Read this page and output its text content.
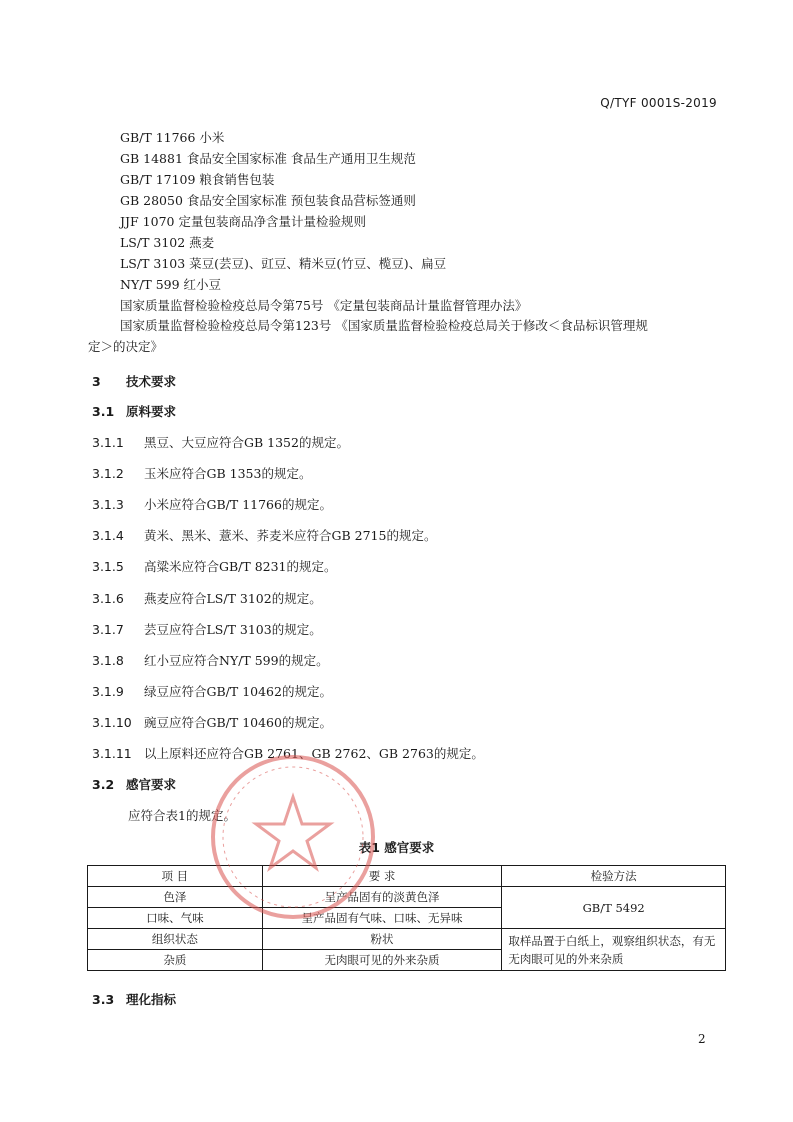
Q/TYF 0001S-2019
GB/T 11766 小米
GB 14881 食品安全国家标准 食品生产通用卫生规范
GB/T 17109 粮食销售包装
GB 28050 食品安全国家标准 预包装食品营标签通则
JJF 1070 定量包装商品净含量计量检验规则
LS/T 3102 燕麦
LS/T 3103 菜豆(芸豆)、豇豆、精米豆(竹豆、榄豆)、扁豆
NY/T 599 红小豆
国家质量监督检验检疫总局令第75号 《定量包装商品计量监督管理办法》
国家质量监督检验检疫总局令第123号 《国家质量监督检验检疫总局关于修改＜食品标识管理规
定＞的决定》
3 技术要求
3.1 原料要求
3.1.1 黑豆、大豆应符合GB 1352的规定。
3.1.2 玉米应符合GB 1353的规定。
3.1.3 小米应符合GB/T 11766的规定。
3.1.4 黄米、黑米、薏米、荞麦米应符合GB 2715的规定。
3.1.5 高粱米应符合GB/T 8231的规定。
3.1.6 燕麦应符合LS/T 3102的规定。
3.1.7 芸豆应符合LS/T 3103的规定。
3.1.8 红小豆应符合NY/T 599的规定。
3.1.9 绿豆应符合GB/T 10462的规定。
3.1.10 豌豆应符合GB/T 10460的规定。
3.1.11 以上原料还应符合GB 2761、GB 2762、GB 2763的规定。
3.2 感官要求
应符合表1的规定。
表1 感官要求
项 目	要 求	检验方法
色泽	呈产品固有的淡黄色泽	GB/T 5492
口味、气味	呈产品固有气味、口味、无异味	
组织状态	粉状	取样品置于白纸上，观察组织状态，有无无肉眼可见的外来杂质
杂质	无肉眼可见的外来杂质	
3.3 理化指标
2
